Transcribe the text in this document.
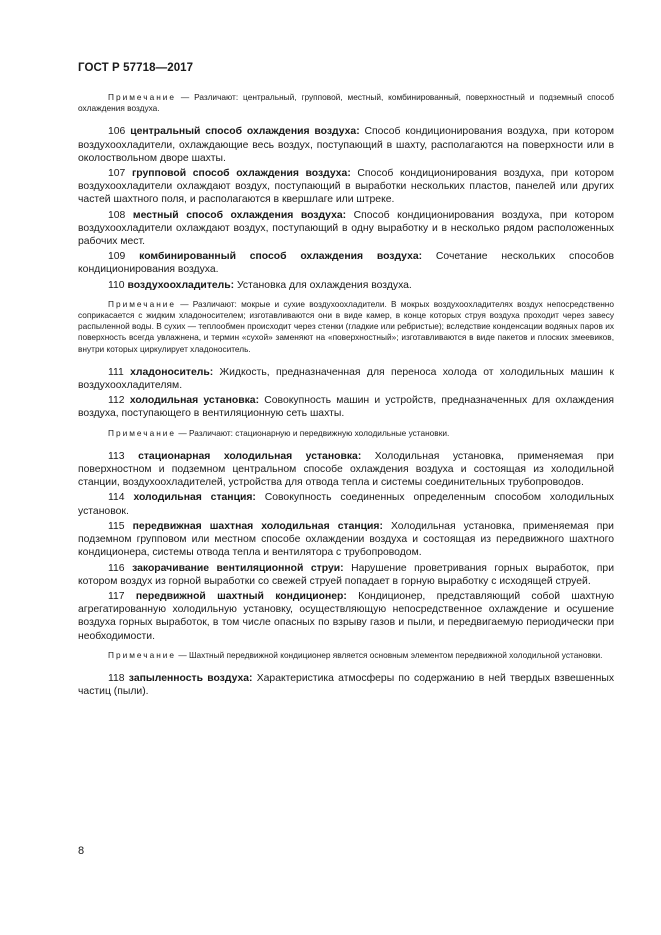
ГОСТ Р 57718—2017

Примечание — Различают: центральный, групповой, местный, комбинированный, поверхностный и подземный способ охлаждения воздуха.

106 центральный способ охлаждения воздуха: Способ кондиционирования воздуха, при котором воздухоохладители, охлаждающие весь воздух, поступающий в шахту, располагаются на поверхности или в околоствольном дворе шахты.

107 групповой способ охлаждения воздуха: Способ кондиционирования воздуха, при котором воздухоохладители охлаждают воздух, поступающий в выработки нескольких пластов, панелей или других частей шахтного поля, и располагаются в квершлаге или штреке.

108 местный способ охлаждения воздуха: Способ кондиционирования воздуха, при котором воздухоохладители охлаждают воздух, поступающий в одну выработку и в несколько рядом расположенных рабочих мест.

109 комбинированный способ охлаждения воздуха: Сочетание нескольких способов кондиционирования воздуха.

110 воздухоохладитель: Установка для охлаждения воздуха.

Примечание — Различают: мокрые и сухие воздухоохладители. В мокрых воздухоохладителях воздух непосредственно соприкасается с жидким хладоносителем; изготавливаются они в виде камер, в конце которых струя воздуха проходит через завесу распыленной воды. В сухих — теплообмен происходит через стенки (гладкие или ребристые); вследствие конденсации водяных паров их поверхность всегда увлажнена, и термин «сухой» заменяют на «поверхностный»; изготавливаются в виде пакетов и плоских змеевиков, внутри которых циркулирует хладоноситель.

111 хладоноситель: Жидкость, предназначенная для переноса холода от холодильных машин к воздухоохладителям.

112 холодильная установка: Совокупность машин и устройств, предназначенных для охлаждения воздуха, поступающего в вентиляционную сеть шахты.

Примечание — Различают: стационарную и передвижную холодильные установки.

113 стационарная холодильная установка: Холодильная установка, применяемая при поверхностном и подземном центральном способе охлаждения воздуха и состоящая из холодильной станции, воздухоохладителей, устройства для отвода тепла и системы соединительных трубопроводов.

114 холодильная станция: Совокупность соединенных определенным способом холодильных установок.

115 передвижная шахтная холодильная станция: Холодильная установка, применяемая при подземном групповом или местном способе охлаждении воздуха и состоящая из передвижного шахтного кондиционера, системы отвода тепла и вентилятора с трубопроводом.

116 закорачивание вентиляционной струи: Нарушение проветривания горных выработок, при котором воздух из горной выработки со свежей струей попадает в горную выработку с исходящей струей.

117 передвижной шахтный кондиционер: Кондиционер, представляющий собой шахтную агрегатированную холодильную установку, осуществляющую непосредственное охлаждение и осушение воздуха горных выработок, в том числе опасных по взрыву газов и пыли, и передвигаемую периодически при необходимости.

Примечание — Шахтный передвижной кондиционер является основным элементом передвижной холодильной установки.

118 запыленность воздуха: Характеристика атмосферы по содержанию в ней твердых взвешенных частиц (пыли).

8
